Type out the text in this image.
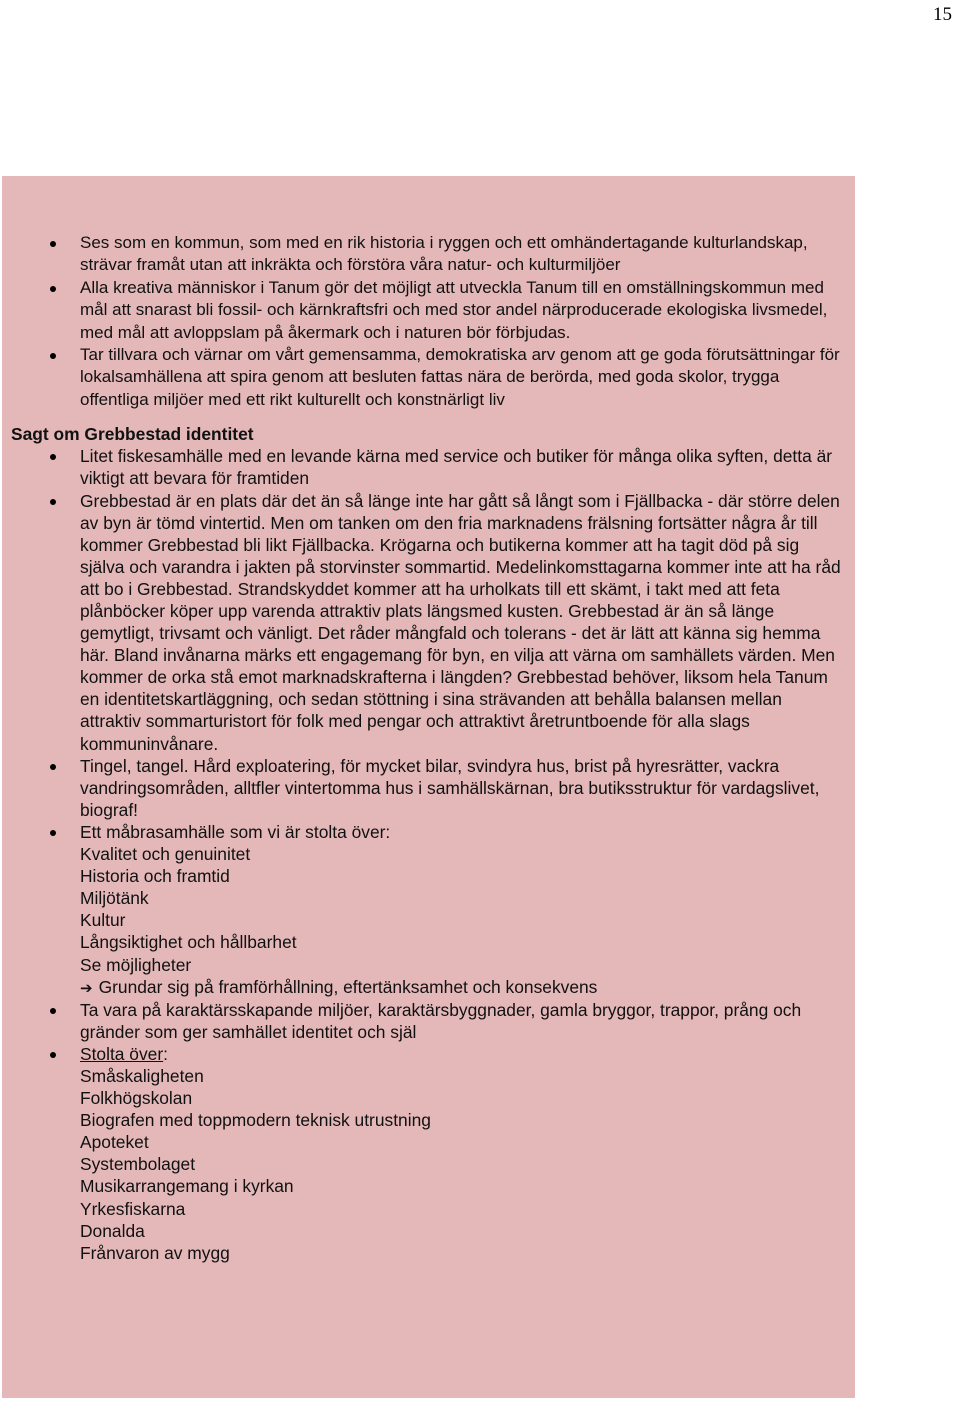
15
Ses som en kommun, som med en rik historia i ryggen och ett omhändertagande kulturlandskap, strävar framåt utan att inkräkta och förstöra våra natur- och kulturmiljöer
Alla kreativa människor i Tanum gör det möjligt att utveckla Tanum till en omställningskommun med mål att snarast bli fossil- och kärnkraftsfri och med stor andel närproducerade ekologiska livsmedel, med mål att avloppslam på åkermark och i naturen bör förbjudas.
Tar tillvara och värnar om vårt gemensamma, demokratiska arv genom att ge goda förutsättningar för lokalsamhällena att spira genom att besluten fattas nära de berörda, med goda skolor, trygga offentliga miljöer med ett rikt kulturellt och konstnärligt liv
Sagt om Grebbestad identitet
Litet fiskesamhälle med en levande kärna med service och butiker för många olika syften, detta är viktigt att bevara för framtiden
Grebbestad är en plats där det än så länge inte har gått så långt som i Fjällbacka - där större delen av byn är tömd vintertid. Men om tanken om den fria marknadens frälsning fortsätter några år till kommer Grebbestad bli likt Fjällbacka. Krögarna och butikerna kommer att ha tagit död på sig själva och varandra i jakten på storvinster sommartid. Medelinkomsttagarna kommer inte att ha råd att bo i Grebbestad. Strandskyddet kommer att ha urholkats till ett skämt, i takt med att feta plånböcker köper upp varenda attraktiv plats längsmed kusten. Grebbestad är än så länge gemytligt, trivsamt och vänligt. Det råder mångfald och tolerans - det är lätt att känna sig hemma här. Bland invånarna märks ett engagemang för byn, en vilja att värna om samhällets värden. Men kommer de orka stå emot marknadskrafterna i längden? Grebbestad behöver, liksom hela Tanum en identitetskartläggning, och sedan stöttning i sina strävanden att behålla balansen mellan attraktiv sommarturistort för folk med pengar och attraktivt åretruntboende för alla slags kommuninvånare.
Tingel, tangel. Hård exploatering, för mycket bilar, svindyra hus, brist på hyresrätter, vackra vandringsområden, alltfler vintertomma hus i samhällskärnan, bra butiksstruktur för vardagslivet, biograf!
Ett måbrasamhälle som vi är stolta över:
Kvalitet och genuinitet
Historia och framtid
Miljötänk
Kultur
Långsiktighet och hållbarhet
Se möjligheter
➔ Grundar sig på framförhållning, eftertänksamhet och konsekvens
Ta vara på karaktärsskapande miljöer, karaktärsbyggnader, gamla bryggor, trappor, prång och gränder som ger samhället identitet och själ
Stolta över:
Småskaligheten
Folkhögskolan
Biografen med toppmodern teknisk utrustning
Apoteket
Systembolaget
Musikarrangemang i kyrkan
Yrkesfiskarna
Donalda
Frånvaron av mygg
